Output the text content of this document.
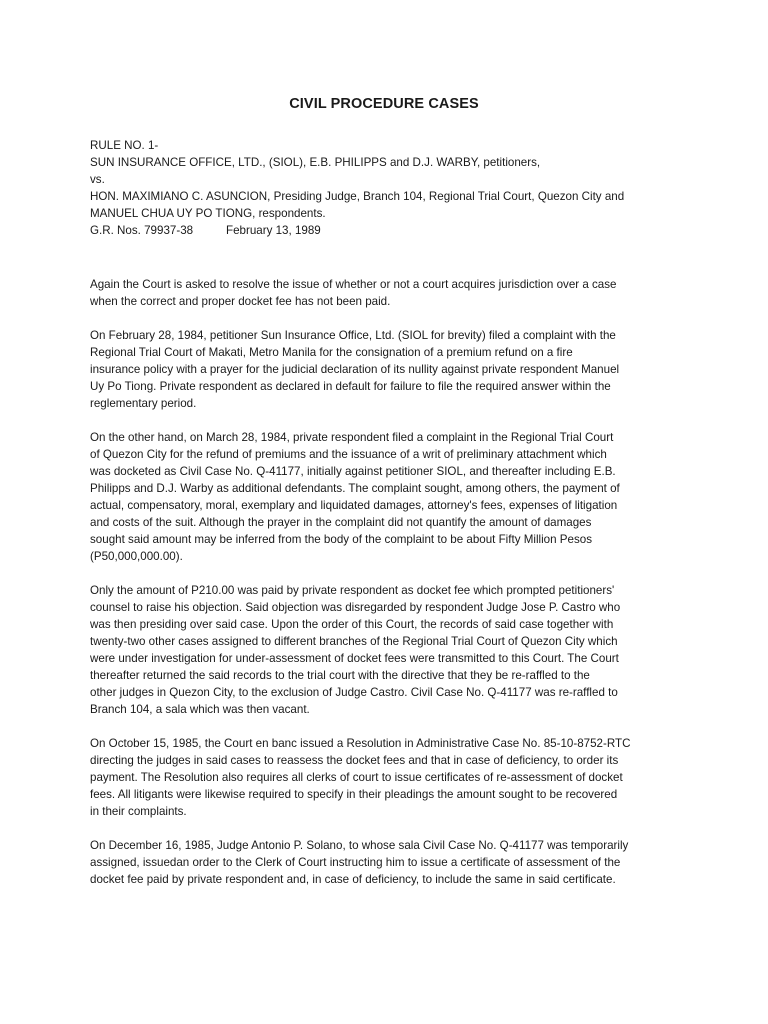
CIVIL PROCEDURE CASES
RULE NO. 1-
SUN INSURANCE OFFICE, LTD., (SIOL), E.B. PHILIPPS and D.J. WARBY, petitioners,
vs.
HON. MAXIMIANO C. ASUNCION, Presiding Judge, Branch 104, Regional Trial Court, Quezon City and
MANUEL CHUA UY PO TIONG, respondents.
G.R. Nos. 79937-38	February 13, 1989

Again the Court is asked to resolve the issue of whether or not a court acquires jurisdiction over a case
when the correct and proper docket fee has not been paid.

On February 28, 1984, petitioner Sun Insurance Office, Ltd. (SIOL for brevity) filed a complaint with the
Regional Trial Court of Makati, Metro Manila for the consignation of a premium refund on a fire
insurance policy with a prayer for the judicial declaration of its nullity against private respondent Manuel
Uy Po Tiong. Private respondent as declared in default for failure to file the required answer within the
reglementary period.

On the other hand, on March 28, 1984, private respondent filed a complaint in the Regional Trial Court
of Quezon City for the refund of premiums and the issuance of a writ of preliminary attachment which
was docketed as Civil Case No. Q-41177, initially against petitioner SIOL, and thereafter including E.B.
Philipps and D.J. Warby as additional defendants. The complaint sought, among others, the payment of
actual, compensatory, moral, exemplary and liquidated damages, attorney's fees, expenses of litigation
and costs of the suit. Although the prayer in the complaint did not quantify the amount of damages
sought said amount may be inferred from the body of the complaint to be about Fifty Million Pesos
(P50,000,000.00).

Only the amount of P210.00 was paid by private respondent as docket fee which prompted petitioners'
counsel to raise his objection. Said objection was disregarded by respondent Judge Jose P. Castro who
was then presiding over said case. Upon the order of this Court, the records of said case together with
twenty-two other cases assigned to different branches of the Regional Trial Court of Quezon City which
were under investigation for under-assessment of docket fees were transmitted to this Court. The Court
thereafter returned the said records to the trial court with the directive that they be re-raffled to the
other judges in Quezon City, to the exclusion of Judge Castro. Civil Case No. Q-41177 was re-raffled to
Branch 104, a sala which was then vacant.

On October 15, 1985, the Court en banc issued a Resolution in Administrative Case No. 85-10-8752-RTC
directing the judges in said cases to reassess the docket fees and that in case of deficiency, to order its
payment. The Resolution also requires all clerks of court to issue certificates of re-assessment of docket
fees. All litigants were likewise required to specify in their pleadings the amount sought to be recovered
in their complaints.

On December 16, 1985, Judge Antonio P. Solano, to whose sala Civil Case No. Q-41177 was temporarily
assigned, issuedan order to the Clerk of Court instructing him to issue a certificate of assessment of the
docket fee paid by private respondent and, in case of deficiency, to include the same in said certificate.
